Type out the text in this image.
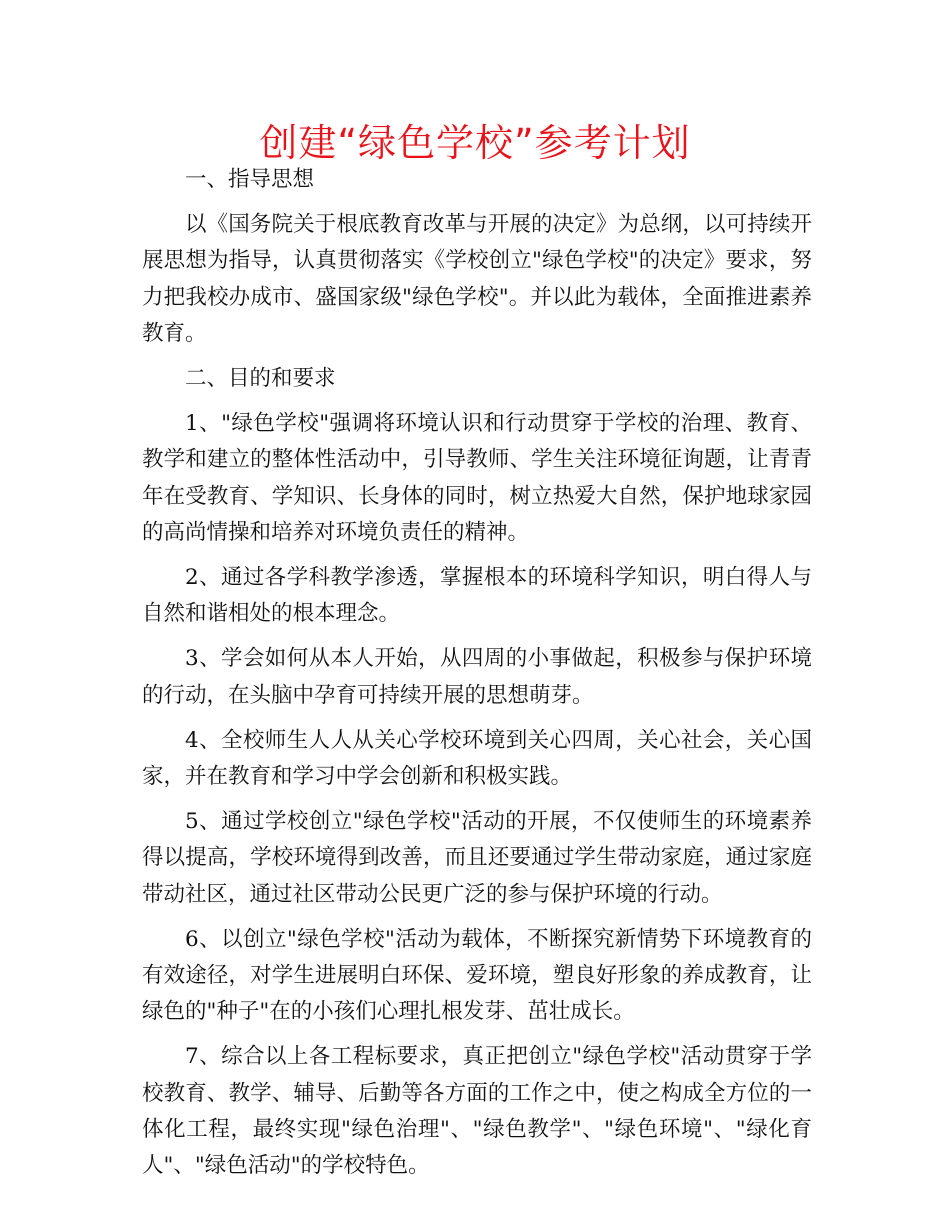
创建“绿色学校”参考计划
一、指导思想

以《国务院关于根底教育改革与开展的决定》为总纲，以可持续开展思想为指导，认真贯彻落实《学校创立"绿色学校"的决定》要求，努力把我校办成市、盛国家级"绿色学校"。并以此为载体，全面推进素养教育。

二、目的和要求

1、"绿色学校"强调将环境认识和行动贯穿于学校的治理、教育、教学和建立的整体性活动中，引导教师、学生关注环境征询题，让青青年在受教育、学知识、长身体的同时，树立热爱大自然，保护地球家园的高尚情操和培养对环境负责任的精神。

2、通过各学科教学渗透，掌握根本的环境科学知识，明白得人与自然和谐相处的根本理念。

3、学会如何从本人开始，从四周的小事做起，积极参与保护环境的行动，在头脑中孕育可持续开展的思想萌芽。

4、全校师生人人从关心学校环境到关心四周，关心社会，关心国家，并在教育和学习中学会创新和积极实践。

5、通过学校创立"绿色学校"活动的开展，不仅使师生的环境素养得以提高，学校环境得到改善，而且还要通过学生带动家庭，通过家庭带动社区，通过社区带动公民更广泛的参与保护环境的行动。

6、以创立"绿色学校"活动为载体，不断探究新情势下环境教育的有效途径，对学生进展明白环保、爱环境，塑良好形象的养成教育，让绿色的"种子"在的小孩们心理扎根发芽、茁壮成长。

7、综合以上各工程标要求，真正把创立"绿色学校"活动贯穿于学校教育、教学、辅导、后勤等各方面的工作之中，使之构成全方位的一体化工程，最终实现"绿色治理"、"绿色教学"、"绿色环境"、"绿化育人"、"绿色活动"的学校特色。
